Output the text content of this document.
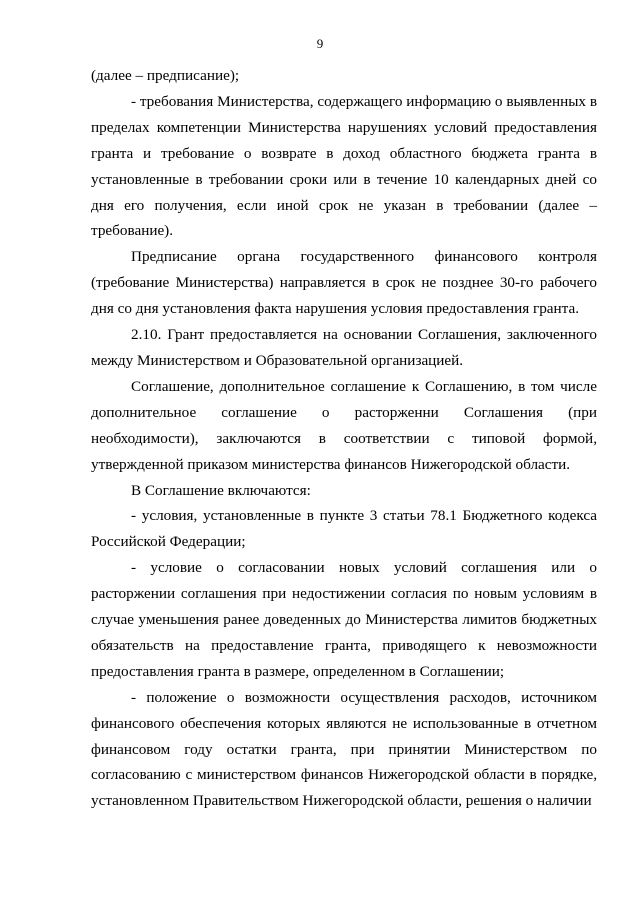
9

(далее – предписание);

- требования Министерства, содержащего информацию о выявленных в пределах компетенции Министерства нарушениях условий предоставления гранта и требование о возврате в доход областного бюджета гранта в установленные в требовании сроки или в течение 10 календарных дней со дня его получения, если иной срок не указан в требовании (далее – требование).

Предписание органа государственного финансового контроля (требование Министерства) направляется в срок не позднее 30-го рабочего дня со дня установления факта нарушения условия предоставления гранта.

2.10. Грант предоставляется на основании Соглашения, заключенного между Министерством и Образовательной организацией.

Соглашение, дополнительное соглашение к Соглашению, в том числе дополнительное соглашение о расторженни Соглашения (при необходимости), заключаются в соответствии с типовой формой, утвержденной приказом министерства финансов Нижегородской области.

В Соглашение включаются:

- условия, установленные в пункте 3 статьи 78.1 Бюджетного кодекса Российской Федерации;

- условие о согласовании новых условий соглашения или о расторжении соглашения при недостижении согласия по новым условиям в случае уменьшения ранее доведенных до Министерства лимитов бюджетных обязательств на предоставление гранта, приводящего к невозможности предоставления гранта в размере, определенном в Соглашении;

- положение о возможности осуществления расходов, источником финансового обеспечения которых являются не использованные в отчетном финансовом году остатки гранта, при принятии Министерством по согласованию с министерством финансов Нижегородской области в порядке, установленном Правительством Нижегородской области, решения о наличии
